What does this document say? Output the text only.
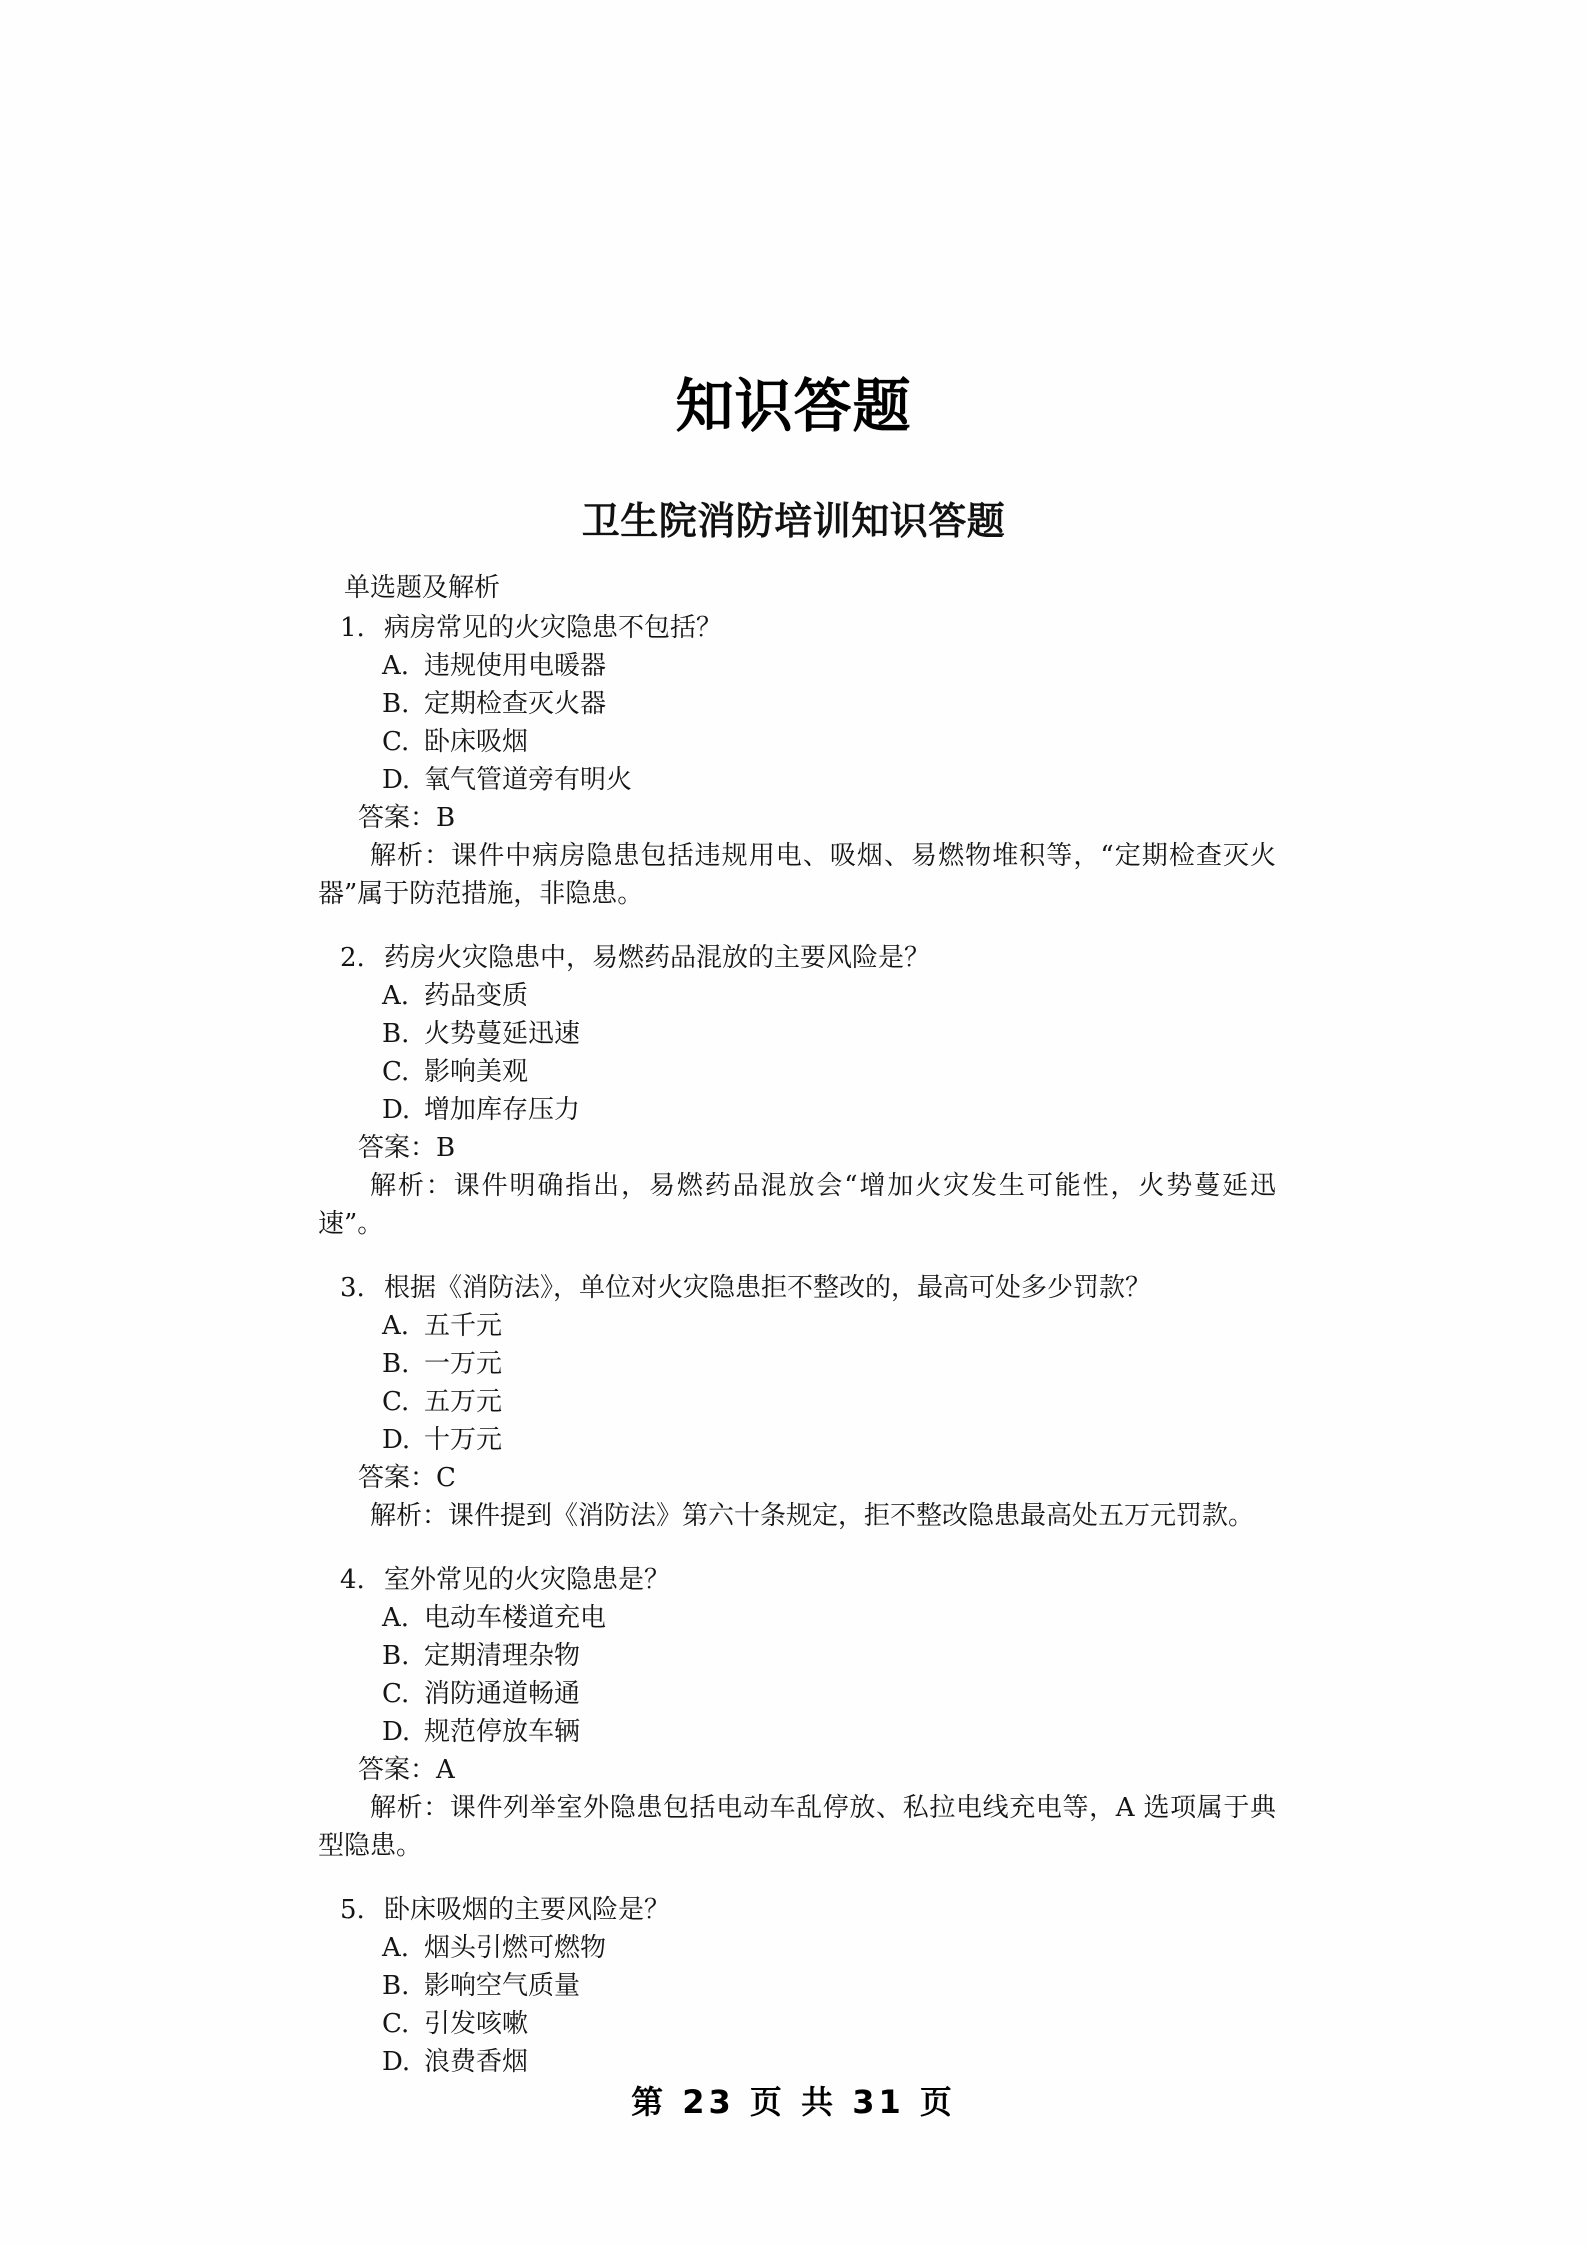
知识答题
卫生院消防培训知识答题
单选题及解析
1. 病房常见的火灾隐患不包括？
A. 违规使用电暖器
B. 定期检查灭火器
C. 卧床吸烟
D. 氧气管道旁有明火
答案：B
解析：课件中病房隐患包括违规用电、吸烟、易燃物堆积等，“定期检查灭火器”属于防范措施，非隐患。
2. 药房火灾隐患中，易燃药品混放的主要风险是？
A. 药品变质
B. 火势蔓延迅速
C. 影响美观
D. 增加库存压力
答案：B
解析：课件明确指出，易燃药品混放会“增加火灾发生可能性，火势蔓延迅速”。
3. 根据《消防法》，单位对火灾隐患拒不整改的，最高可处多少罚款？
A. 五千元
B. 一万元
C. 五万元
D. 十万元
答案：C
解析：课件提到《消防法》第六十条规定，拒不整改隐患最高处五万元罚款。
4. 室外常见的火灾隐患是？
A. 电动车楼道充电
B. 定期清理杂物
C. 消防通道畅通
D. 规范停放车辆
答案：A
解析：课件列举室外隐患包括电动车乱停放、私拉电线充电等，A 选项属于典型隐患。
5. 卧床吸烟的主要风险是？
A. 烟头引燃可燃物
B. 影响空气质量
C. 引发咳嗽
D. 浪费香烟
第 23 页 共 31 页
